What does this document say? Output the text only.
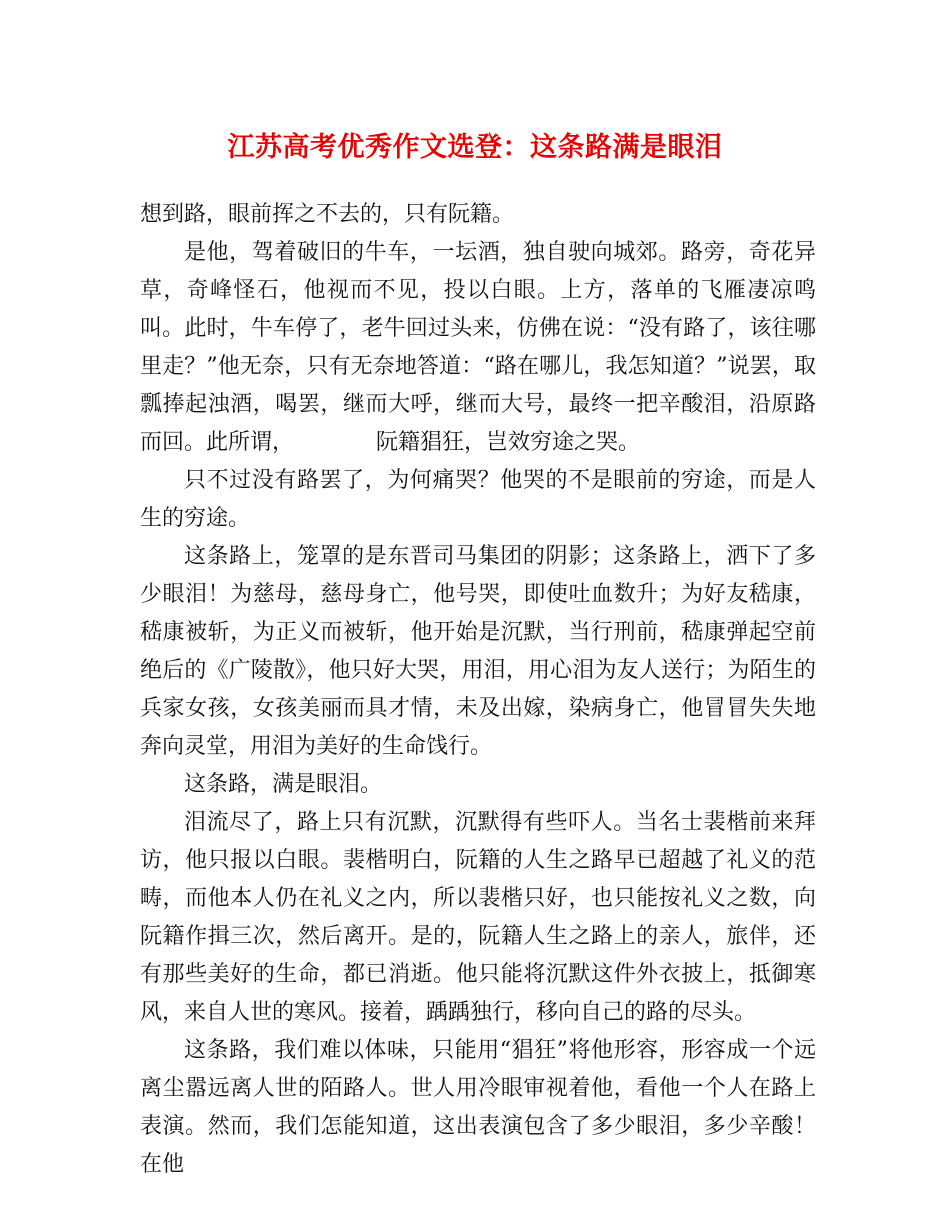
江苏高考优秀作文选登：这条路满是眼泪

想到路，眼前挥之不去的，只有阮籍。

是他，驾着破旧的牛车，一坛酒，独自驶向城郊。路旁，奇花异草，奇峰怪石，他视而不见，投以白眼。上方，落单的飞雁凄凉鸣叫。此时，牛车停了，老牛回过头来，仿佛在说：“没有路了，该往哪里走？”他无奈，只有无奈地答道：“路在哪儿，我怎知道？”说罢，取瓢捧起浊酒，喝罢，继而大呼，继而大号，最终一把辛酸泪，沿原路而回。此所谓，	阮籍猖狂，岂效穷途之哭。

只不过没有路罢了，为何痛哭？他哭的不是眼前的穷途，而是人生的穷途。

这条路上，笼罩的是东晋司马集团的阴影；这条路上，洒下了多少眼泪！为慈母，慈母身亡，他号哭，即使吐血数升；为好友嵇康，嵇康被斩，为正义而被斩，他开始是沉默，当行刑前，嵇康弹起空前绝后的《广陵散》，他只好大哭，用泪，用心泪为友人送行；为陌生的兵家女孩，女孩美丽而具才情，未及出嫁，染病身亡，他冒冒失失地奔向灵堂，用泪为美好的生命饯行。

这条路，满是眼泪。

泪流尽了，路上只有沉默，沉默得有些吓人。当名士裴楷前来拜访，他只报以白眼。裴楷明白，阮籍的人生之路早已超越了礼义的范畴，而他本人仍在礼义之内，所以裴楷只好，也只能按礼义之数，向阮籍作揖三次，然后离开。是的，阮籍人生之路上的亲人，旅伴，还有那些美好的生命，都已消逝。他只能将沉默这件外衣披上，抵御寒风，来自人世的寒风。接着，踽踽独行，移向自己的路的尽头。

这条路，我们难以体味，只能用“猖狂”将他形容，形容成一个远离尘嚣远离人世的陌路人。世人用冷眼审视着他，看他一个人在路上表演。然而，我们怎能知道，这出表演包含了多少眼泪，多少辛酸！在他
